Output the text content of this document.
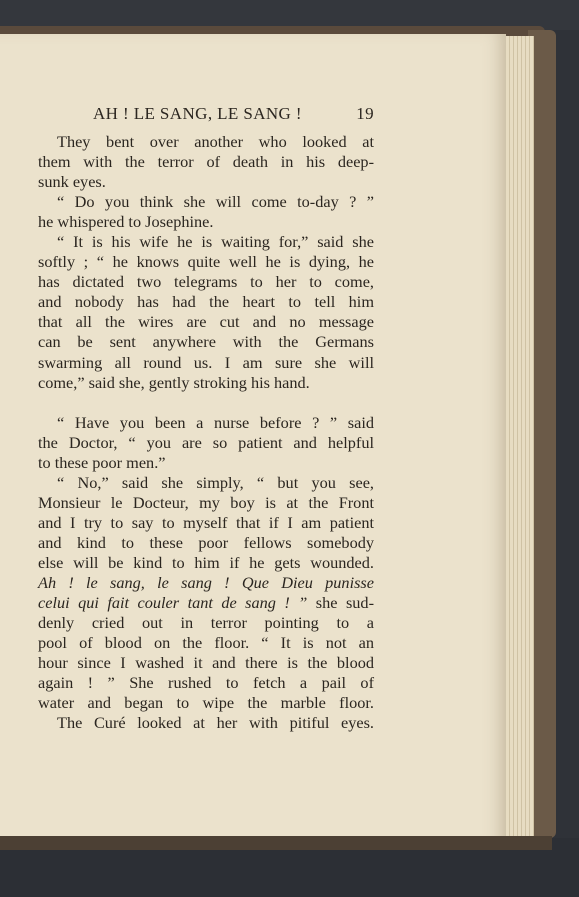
AH ! LE SANG, LE SANG !	19
They bent over another who looked at
them with the terror of death in his deep-
sunk eyes.
“ Do you think she will come to-day ? ”
he whispered to Josephine.
“ It is his wife he is waiting for,” said she
softly ; “ he knows quite well he is dying, he
has dictated two telegrams to her to come,
and nobody has had the heart to tell him
that all the wires are cut and no message
can be sent anywhere with the Germans
swarming all round us. I am sure she will
come,” said she, gently stroking his hand.
“ Have you been a nurse before ? ” said
the Doctor, “ you are so patient and helpful
to these poor men.”
“ No,” said she simply, “ but you see,
Monsieur le Docteur, my boy is at the Front
and I try to say to myself that if I am patient
and kind to these poor fellows somebody
else will be kind to him if he gets wounded.
Ah ! le sang, le sang ! Que Dieu punisse
celui qui fait couler tant de sang ! ” she sud-
denly cried out in terror pointing to a
pool of blood on the floor. “ It is not an
hour since I washed it and there is the blood
again ! ” She rushed to fetch a pail of
water and began to wipe the marble floor.
The Curé looked at her with pitiful eyes.
